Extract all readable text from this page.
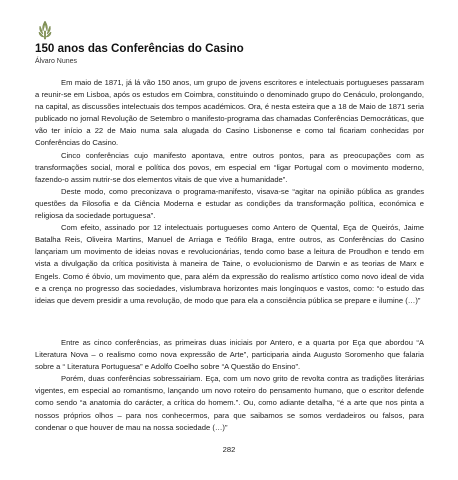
150 anos das Conferências do Casino

Álvaro Nunes

Em maio de 1871, já lá vão 150 anos, um grupo de jovens escritores e intelectuais portugueses passaram a reunir-se em Lisboa, após os estudos em Coimbra, constituindo o denominado grupo do Cenáculo, prolongando, na capital, as discussões intelectuais dos tempos académicos. Ora, é nesta esteira que a 18 de Maio de 1871 seria publicado no jornal Revolução de Setembro o manifesto-programa das chamadas Conferências Democráticas, que vão ter início a 22 de Maio numa sala alugada do Casino Lisbonense e como tal ficariam conhecidas por Conferências do Casino.

Cinco conferências cujo manifesto apontava, entre outros pontos, para as preocupações com as transformações social, moral e política dos povos, em especial em “ligar Portugal com o movimento moderno, fazendo-o assim nutrir-se dos elementos vitais de que vive a humanidade”.

Deste modo, como preconizava o programa-manifesto, visava-se “agitar na opinião pública as grandes questões da Filosofia e da Ciência Moderna e estudar as condições da transformação política, económica e religiosa da sociedade portuguesa”.

Com efeito, assinado por 12 intelectuais portugueses como Antero de Quental, Eça de Queirós, Jaime Batalha Reis, Oliveira Martins, Manuel de Arriaga e Teófilo Braga, entre outros, as Conferências do Casino lançariam um movimento de ideias novas e revolucionárias, tendo como base a leitura de Proudhon e tendo em vista a divulgação da crítica positivista à maneira de Taine, o evolucionismo de Darwin e as teorias de Marx e Engels. Como é óbvio, um movimento que, para além da expressão do realismo artístico como novo ideal de vida e a crença no progresso das sociedades, vislumbrava horizontes mais longínquos e vastos, como: “o estudo das ideias que devem presidir a uma revolução, de modo que para ela a consciência pública se prepare e ilumine (…)”

Entre as cinco conferências, as primeiras duas iniciais por Antero, e a quarta por Eça que abordou “A Literatura Nova – o realismo como nova expressão de Arte”, participaria ainda Augusto Soromenho que falaria sobre a “ Literatura Portuguesa” e Adolfo Coelho sobre “A Questão do Ensino”.

Porém, duas conferências sobressairiam. Eça, com um novo grito de revolta contra as tradições literárias vigentes, em especial ao romantismo, lançando um novo roteiro do pensamento humano, que o escritor defende como sendo “a anatomia do carácter, a crítica do homem.”. Ou, como adiante detalha, “é a arte que nos pinta a nossos próprios olhos – para nos conhecermos, para que saibamos se somos verdadeiros ou falsos, para condenar o que houver de mau na nossa sociedade (…)”

282
